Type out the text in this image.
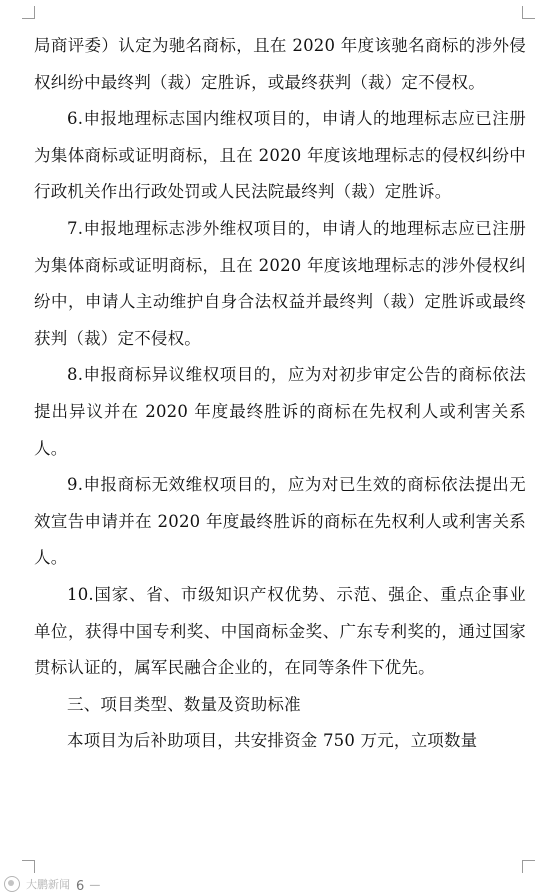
局商评委）认定为驰名商标，且在 2020 年度该驰名商标的涉外侵权纠纷中最终判（裁）定胜诉，或最终获判（裁）定不侵权。

6.申报地理标志国内维权项目的，申请人的地理标志应已注册为集体商标或证明商标，且在 2020 年度该地理标志的侵权纠纷中行政机关作出行政处罚或人民法院最终判（裁）定胜诉。

7.申报地理标志涉外维权项目的，申请人的地理标志应已注册为集体商标或证明商标，且在 2020 年度该地理标志的涉外侵权纠纷中，申请人主动维护自身合法权益并最终判（裁）定胜诉或最终获判（裁）定不侵权。

8.申报商标异议维权项目的，应为对初步审定公告的商标依法提出异议并在 2020 年度最终胜诉的商标在先权利人或利害关系人。

9.申报商标无效维权项目的，应为对已生效的商标依法提出无效宣告申请并在 2020 年度最终胜诉的商标在先权利人或利害关系人。

10.国家、省、市级知识产权优势、示范、强企、重点企事业单位，获得中国专利奖、中国商标金奖、广东专利奖的，通过国家贯标认证的，属军民融合企业的，在同等条件下优先。

三、项目类型、数量及资助标准

本项目为后补助项目，共安排资金 750 万元，立项数量

大鹏新闻 6 －
